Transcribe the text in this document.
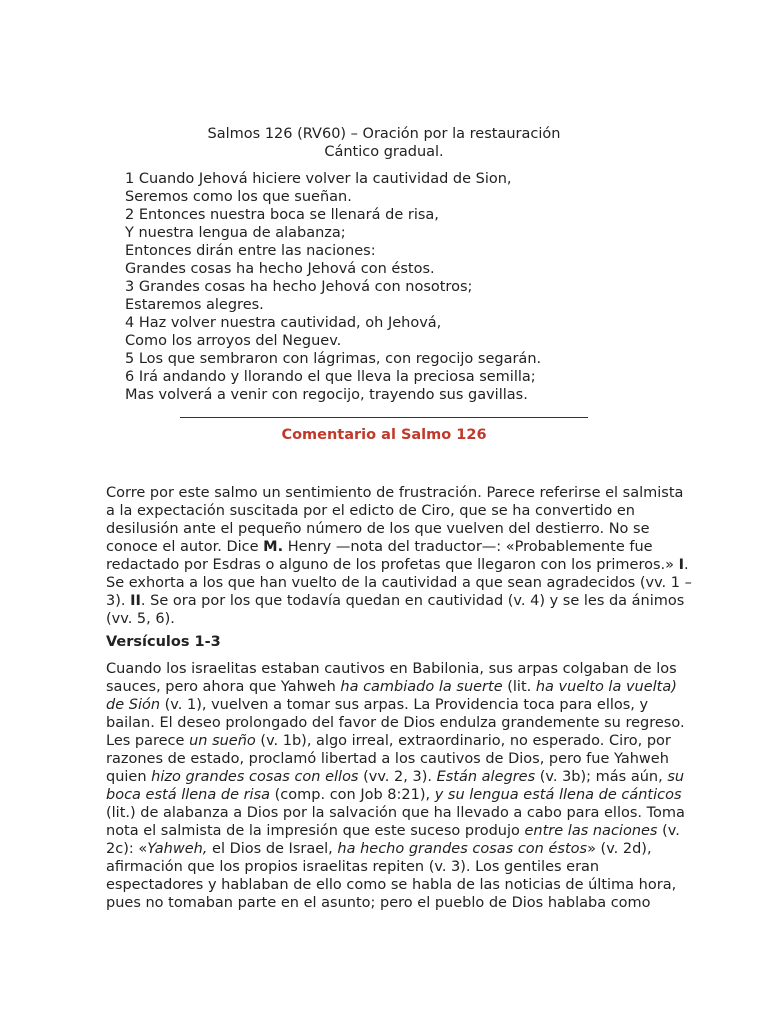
Salmos 126 (RV60) – Oración por la restauración
Cántico gradual.
1 Cuando Jehová hiciere volver la cautividad de Sion,
Seremos como los que sueñan.
2 Entonces nuestra boca se llenará de risa,
Y nuestra lengua de alabanza;
Entonces dirán entre las naciones:
Grandes cosas ha hecho Jehová con éstos.
3 Grandes cosas ha hecho Jehová con nosotros;
Estaremos alegres.
4 Haz volver nuestra cautividad, oh Jehová,
Como los arroyos del Neguev.
5 Los que sembraron con lágrimas, con regocijo segarán.
6 Irá andando y llorando el que lleva la preciosa semilla;
Mas volverá a venir con regocijo, trayendo sus gavillas.
Comentario al Salmo 126
Corre por este salmo un sentimiento de frustración. Parece referirse el salmista
a la expectación suscitada por el edicto de Ciro, que se ha convertido en
desilusión ante el pequeño número de los que vuelven del destierro. No se
conoce el autor. Dice M. Henry —nota del traductor—: «Probablemente fue
redactado por Esdras o alguno de los profetas que llegaron con los primeros.» I.
Se exhorta a los que han vuelto de la cautividad a que sean agradecidos (vv. 1 –
3). II. Se ora por los que todavía quedan en cautividad (v. 4) y se les da ánimos
(vv. 5, 6).
Versículos 1-3
Cuando los israelitas estaban cautivos en Babilonia, sus arpas colgaban de los
sauces, pero ahora que Yahweh ha cambiado la suerte (lit. ha vuelto la vuelta)
de Sión (v. 1), vuelven a tomar sus arpas. La Providencia toca para ellos, y
bailan. El deseo prolongado del favor de Dios endulza grandemente su regreso.
Les parece un sueño (v. 1b), algo irreal, extraordinario, no esperado. Ciro, por
razones de estado, proclamó libertad a los cautivos de Dios, pero fue Yahweh
quien hizo grandes cosas con ellos (vv. 2, 3). Están alegres (v. 3b); más aún, su
boca está llena de risa (comp. con Job 8:21), y su lengua está llena de cánticos
(lit.) de alabanza a Dios por la salvación que ha llevado a cabo para ellos. Toma
nota el salmista de la impresión que este suceso produjo entre las naciones (v.
2c): «Yahweh, el Dios de Israel, ha hecho grandes cosas con éstos» (v. 2d),
afirmación que los propios israelitas repiten (v. 3). Los gentiles eran
espectadores y hablaban de ello como se habla de las noticias de última hora,
pues no tomaban parte en el asunto; pero el pueblo de Dios hablaba como
